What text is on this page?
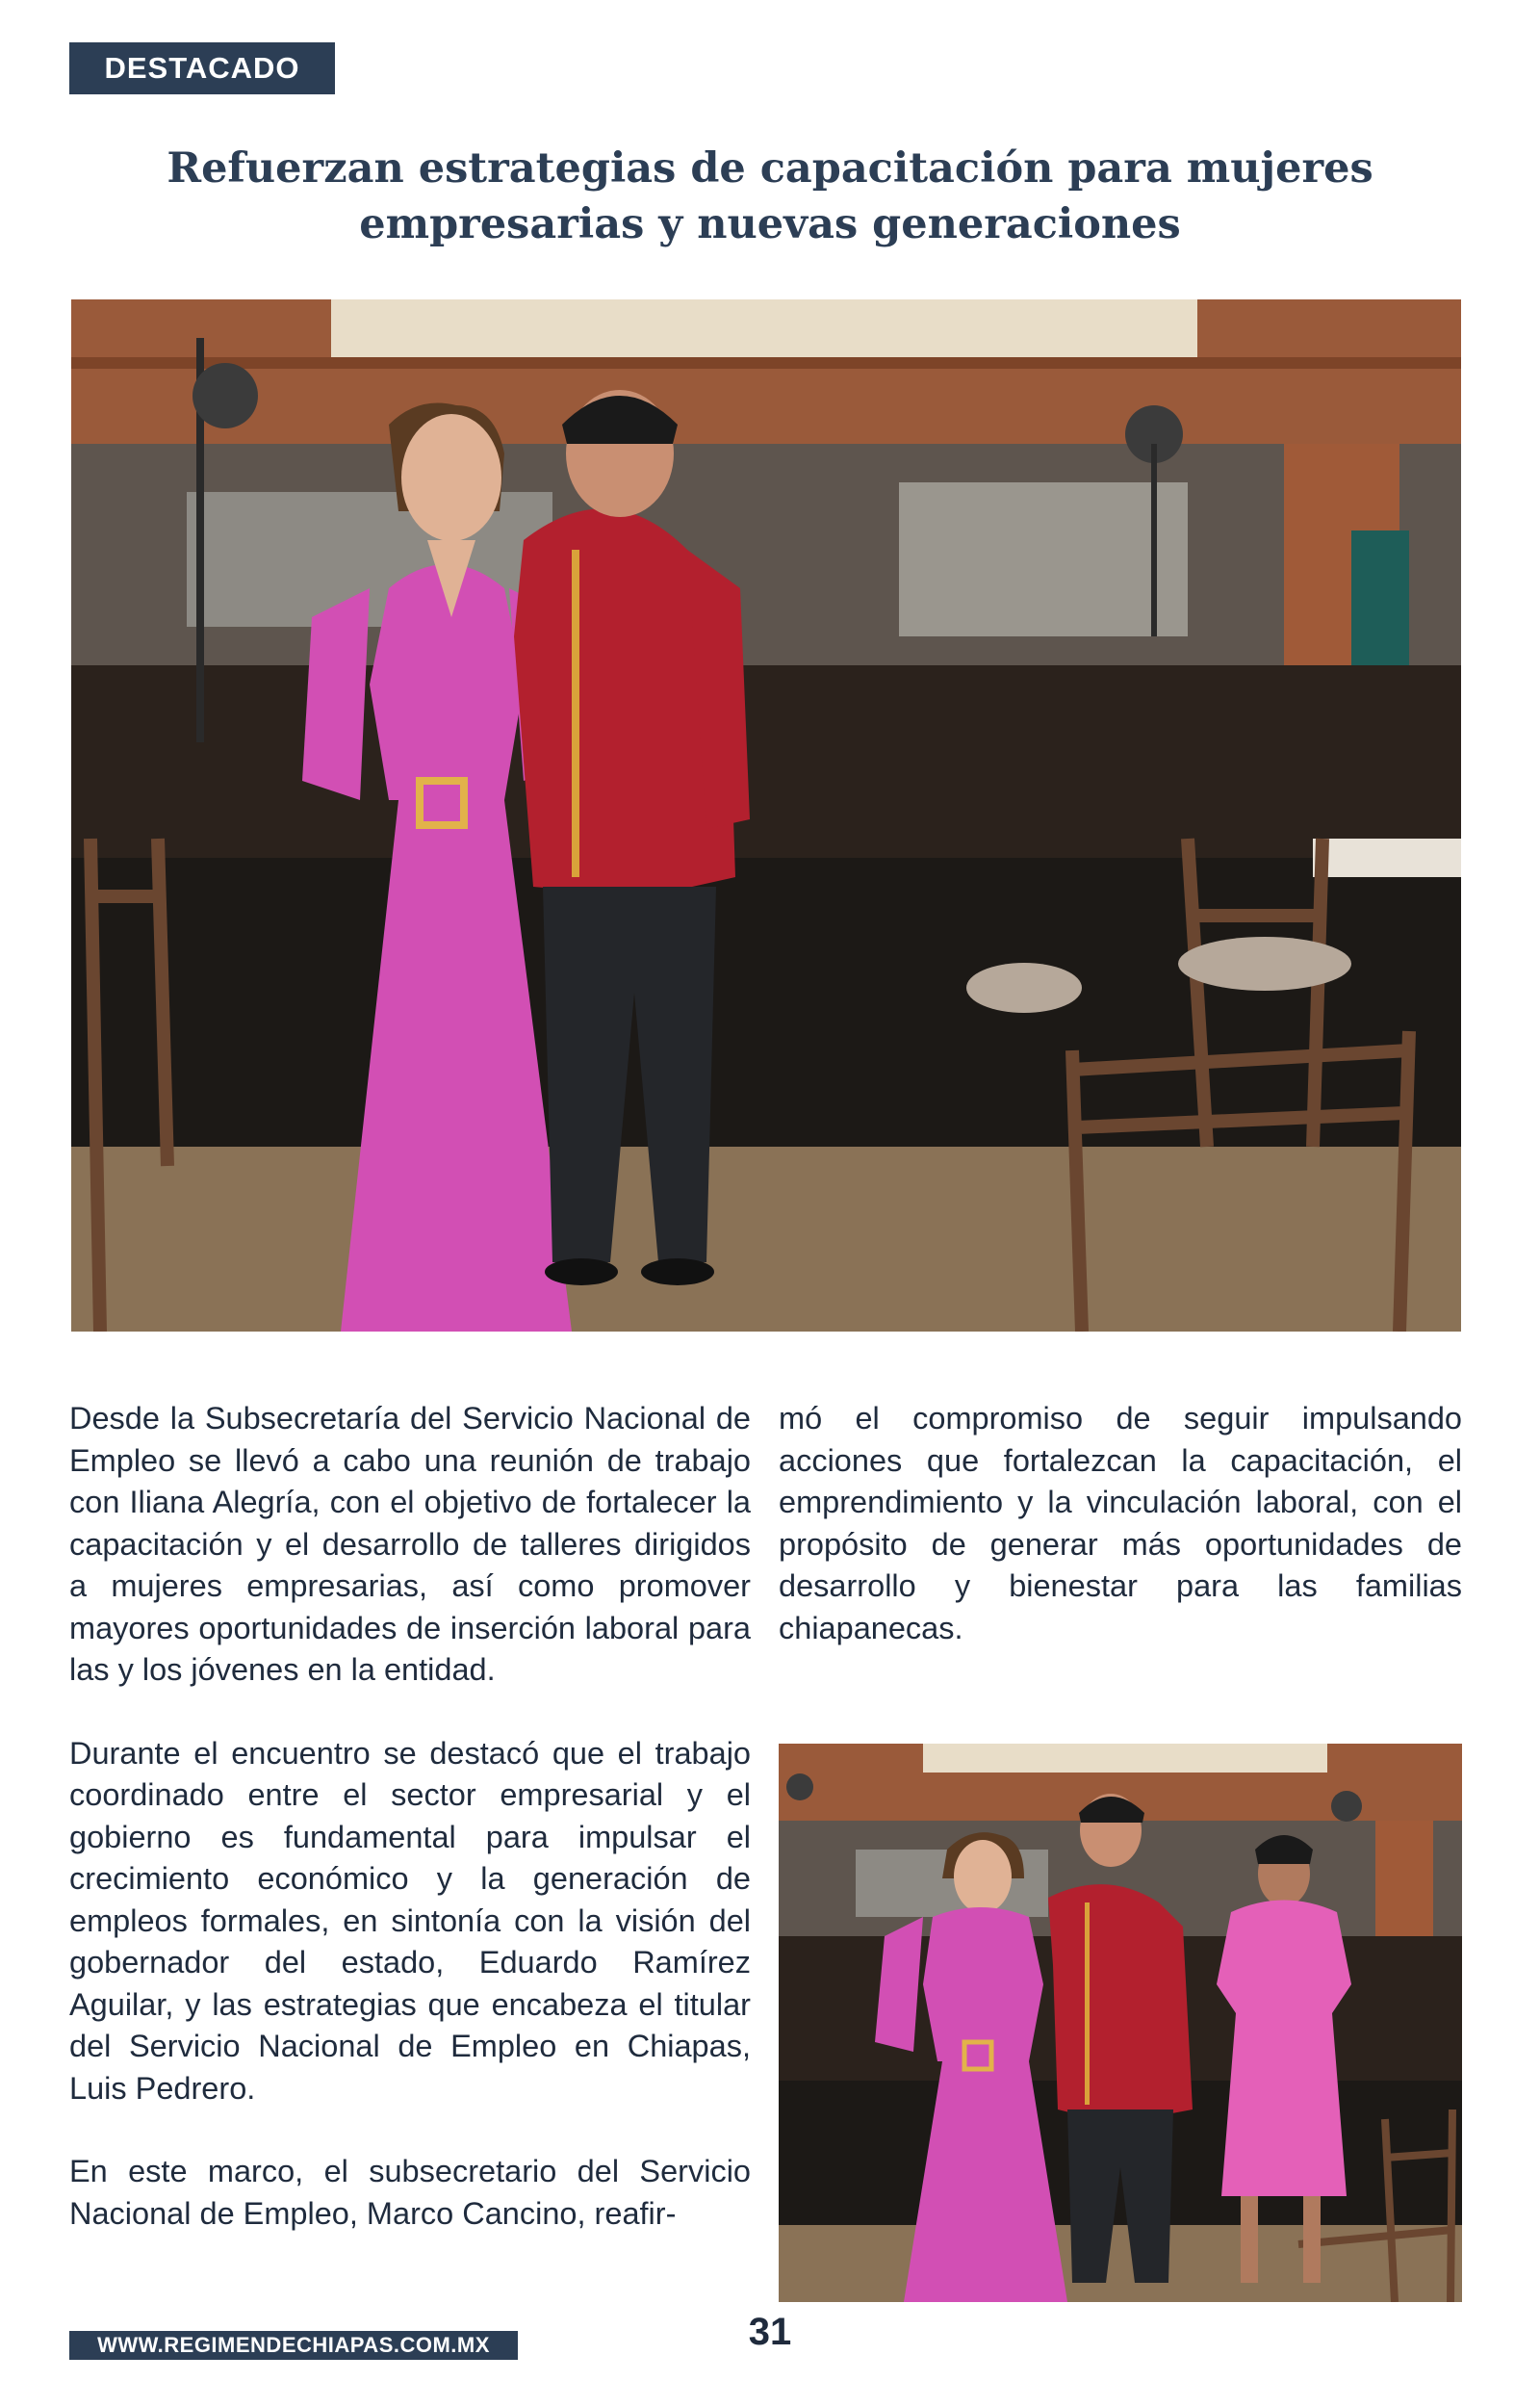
DESTACADO
Refuerzan estrategias de capacitación para mujeres
empresarias y nuevas generaciones

Desde la Subsecretaría del Servicio Nacional de Empleo se llevó a cabo una reunión de trabajo con Iliana Alegría, con el objetivo de fortalecer la capacitación y el desarrollo de talleres dirigidos a mujeres empresarias, así como promover mayores oportunidades de inserción laboral para las y los jóvenes en la entidad.

Durante el encuentro se destacó que el trabajo coordinado entre el sector empresarial y el gobierno es fundamental para impulsar el crecimiento económico y la generación de empleos formales, en sintonía con la visión del gobernador del estado, Eduardo Ramírez Aguilar, y las estrategias que encabeza el titular del Servicio Nacional de Empleo en Chiapas, Luis Pedrero.

En este marco, el subsecretario del Servicio Nacional de Empleo, Marco Cancino, reafir-

mó el compromiso de seguir impulsando acciones que fortalezcan la capacitación, el emprendimiento y la vinculación laboral, con el propósito de generar más oportunidades de desarrollo y bienestar para las familias chiapanecas.

WWW.REGIMENDECHIAPAS.COM.MX	31
